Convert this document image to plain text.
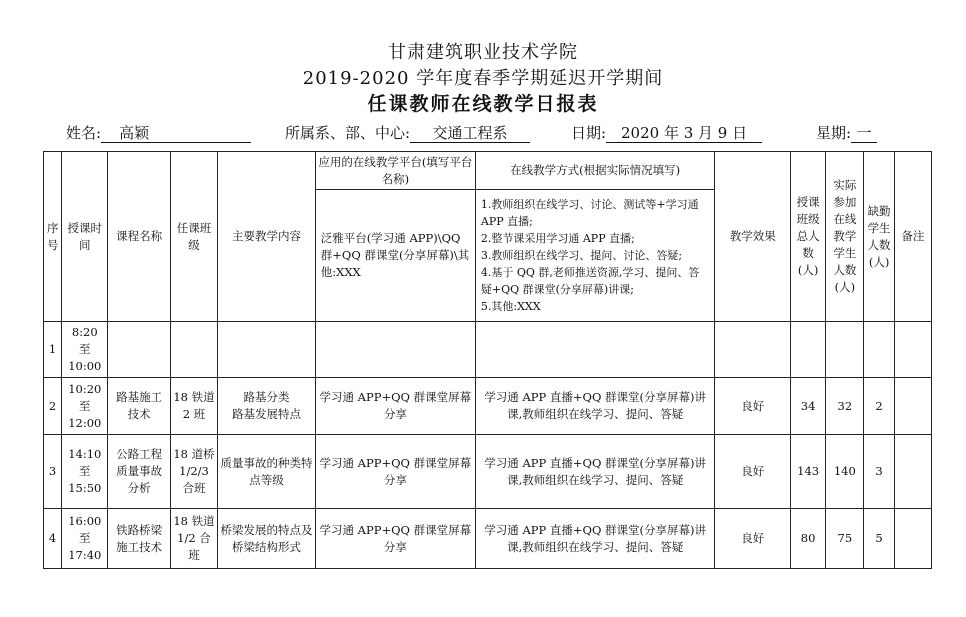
甘肃建筑职业技术学院
2019-2020 学年度春季学期延迟开学期间
任课教师在线教学日报表
姓名: 高颖	所属系、部、中心: 交通工程系	日期: 2020 年 3 月 9 日	星期: 一
序号	授课时间	课程名称	任课班级	主要教学内容	应用的在线教学平台(填写平台名称)	在线教学方式(根据实际情况填写)	教学效果	授课班级总人数(人)	实际参加在线教学学生人数(人)	缺勤学生人数(人)	备注
					泛雅平台(学习通 APP)\QQ 群+QQ 群课堂(分享屏幕)\其他:XXX	1.教师组织在线学习、讨论、测试等+学习通 APP 直播;
2.整节课采用学习通 APP 直播;
3.教师组织在线学习、提问、讨论、答疑;
4.基于 QQ 群,老师推送资源,学习、提问、答疑+QQ 群课堂(分享屏幕)讲课;
5.其他:XXX					
1	8:20
至
10:00										
2	10:20
至
12:00	路基施工技术	18 铁道 2 班	路基分类
路基发展特点	学习通 APP+QQ 群课堂屏幕分享	学习通 APP 直播+QQ 群课堂(分享屏幕)讲课,教师组织在线学习、提问、答疑	良好	34	32	2	
3	14:10
至
15:50	公路工程质量事故分析	18 道桥 1/2/3 合班	质量事故的种类特点等级	学习通 APP+QQ 群课堂屏幕分享	学习通 APP 直播+QQ 群课堂(分享屏幕)讲课,教师组织在线学习、提问、答疑	良好	143	140	3	
4	16:00
至
17:40	铁路桥梁施工技术	18 铁道 1/2 合班	桥梁发展的特点及桥梁结构形式	学习通 APP+QQ 群课堂屏幕分享	学习通 APP 直播+QQ 群课堂(分享屏幕)讲课,教师组织在线学习、提问、答疑	良好	80	75	5	
